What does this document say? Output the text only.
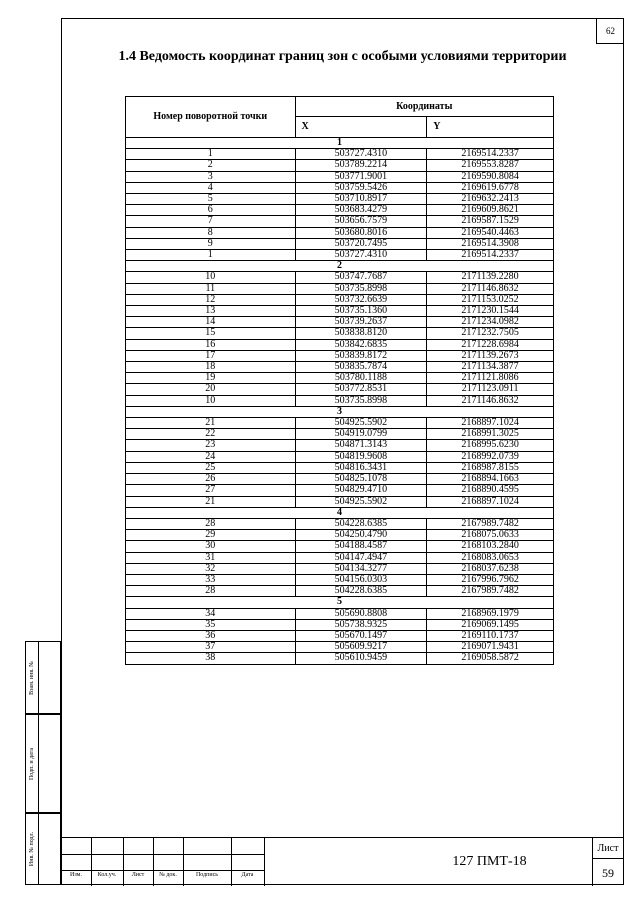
62
1.4 Ведомость координат границ зон с особыми условиями территории
Номер поворотной точки	Координаты	
	X	Y
1		
1	503727.4310	2169514.2337
2	503789.2214	2169553.8287
3	503771.9001	2169590.8084
4	503759.5426	2169619.6778
5	503710.8917	2169632.2413
6	503683.4279	2169609.8621
7	503656.7579	2169587.1529
8	503680.8016	2169540.4463
9	503720.7495	2169514.3908
1	503727.4310	2169514.2337
2		
10	503747.7687	2171139.2280
11	503735.8998	2171146.8632
12	503732.6639	2171153.0252
13	503735.1360	2171230.1544
14	503739.2637	2171234.0982
15	503838.8120	2171232.7505
16	503842.6835	2171228.6984
17	503839.8172	2171139.2673
18	503835.7874	2171134.3877
19	503780.1188	2171121.8086
20	503772.8531	2171123.0911
10	503735.8998	2171146.8632
3		
21	504925.5902	2168897.1024
22	504919.0799	2168991.3025
23	504871.3143	2168995.6230
24	504819.9608	2168992.0739
25	504816.3431	2168987.8155
26	504825.1078	2168894.1663
27	504829.4710	2168890.4595
21	504925.5902	2168897.1024
4		
28	504228.6385	2167989.7482
29	504250.4790	2168075.0633
30	504188.4587	2168103.2840
31	504147.4947	2168083.0653
32	504134.3277	2168037.6238
33	504156.0303	2167996.7962
28	504228.6385	2167989.7482
5		
34	505690.8808	2168969.1979
35	505738.9325	2169069.1495
36	505670.1497	2169110.1737
37	505609.9217	2169071.9431
38	505610.9459	2169058.5872
Взам. инв. №
Подп. и дата
Инв. № подл.
Изм.	Кол.уч.	Лист	№ док.	Подпись	Дата
127 ПМТ-18
Лист
59
